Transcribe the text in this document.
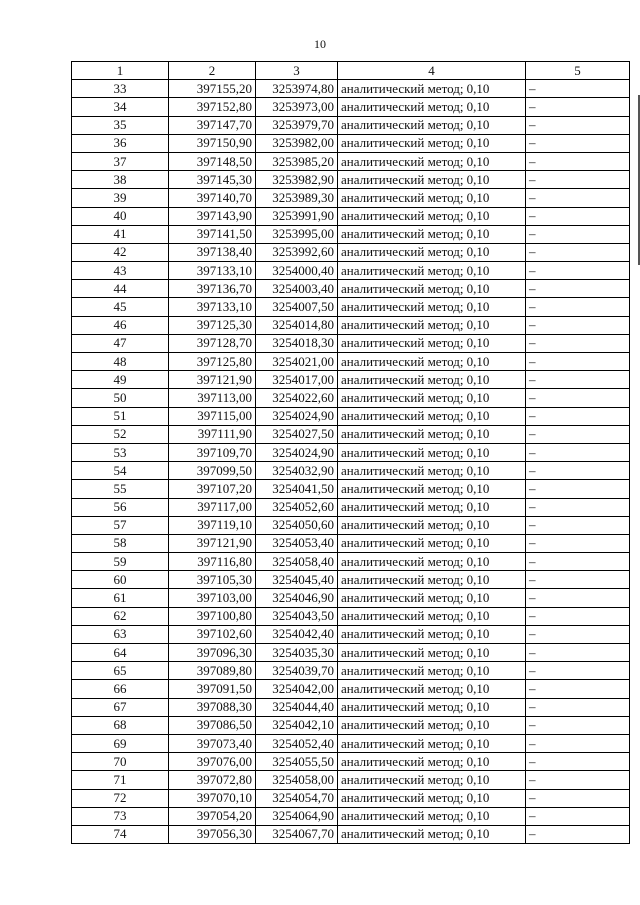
10
1	2	3	4	5
33	397155,20	3253974,80	аналитический метод; 0,10	–
34	397152,80	3253973,00	аналитический метод; 0,10	–
35	397147,70	3253979,70	аналитический метод; 0,10	–
36	397150,90	3253982,00	аналитический метод; 0,10	–
37	397148,50	3253985,20	аналитический метод; 0,10	–
38	397145,30	3253982,90	аналитический метод; 0,10	–
39	397140,70	3253989,30	аналитический метод; 0,10	–
40	397143,90	3253991,90	аналитический метод; 0,10	–
41	397141,50	3253995,00	аналитический метод; 0,10	–
42	397138,40	3253992,60	аналитический метод; 0,10	–
43	397133,10	3254000,40	аналитический метод; 0,10	–
44	397136,70	3254003,40	аналитический метод; 0,10	–
45	397133,10	3254007,50	аналитический метод; 0,10	–
46	397125,30	3254014,80	аналитический метод; 0,10	–
47	397128,70	3254018,30	аналитический метод; 0,10	–
48	397125,80	3254021,00	аналитический метод; 0,10	–
49	397121,90	3254017,00	аналитический метод; 0,10	–
50	397113,00	3254022,60	аналитический метод; 0,10	–
51	397115,00	3254024,90	аналитический метод; 0,10	–
52	397111,90	3254027,50	аналитический метод; 0,10	–
53	397109,70	3254024,90	аналитический метод; 0,10	–
54	397099,50	3254032,90	аналитический метод; 0,10	–
55	397107,20	3254041,50	аналитический метод; 0,10	–
56	397117,00	3254052,60	аналитический метод; 0,10	–
57	397119,10	3254050,60	аналитический метод; 0,10	–
58	397121,90	3254053,40	аналитический метод; 0,10	–
59	397116,80	3254058,40	аналитический метод; 0,10	–
60	397105,30	3254045,40	аналитический метод; 0,10	–
61	397103,00	3254046,90	аналитический метод; 0,10	–
62	397100,80	3254043,50	аналитический метод; 0,10	–
63	397102,60	3254042,40	аналитический метод; 0,10	–
64	397096,30	3254035,30	аналитический метод; 0,10	–
65	397089,80	3254039,70	аналитический метод; 0,10	–
66	397091,50	3254042,00	аналитический метод; 0,10	–
67	397088,30	3254044,40	аналитический метод; 0,10	–
68	397086,50	3254042,10	аналитический метод; 0,10	–
69	397073,40	3254052,40	аналитический метод; 0,10	–
70	397076,00	3254055,50	аналитический метод; 0,10	–
71	397072,80	3254058,00	аналитический метод; 0,10	–
72	397070,10	3254054,70	аналитический метод; 0,10	–
73	397054,20	3254064,90	аналитический метод; 0,10	–
74	397056,30	3254067,70	аналитический метод; 0,10	–
